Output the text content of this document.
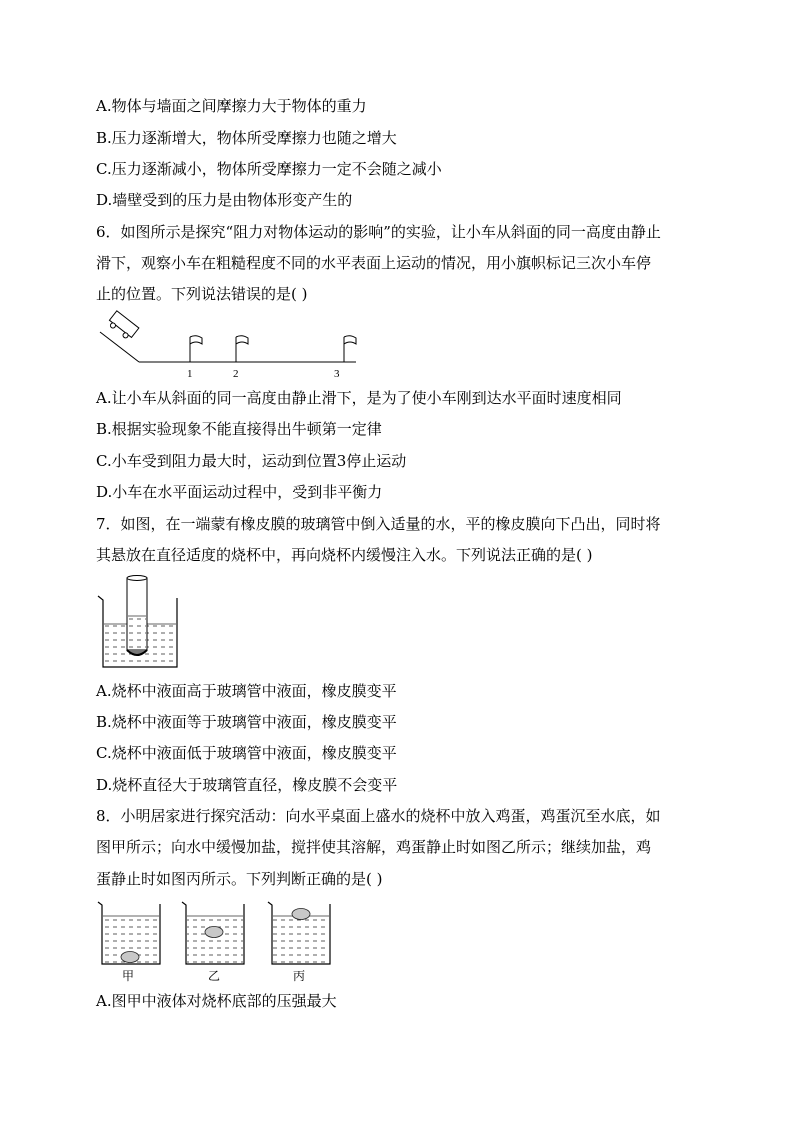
A.物体与墙面之间摩擦力大于物体的重力
B.压力逐渐增大，物体所受摩擦力也随之增大
C.压力逐渐减小，物体所受摩擦力一定不会随之减小
D.墙壁受到的压力是由物体形变产生的
6．如图所示是探究“阻力对物体运动的影响”的实验，让小车从斜面的同一高度由静止
滑下，观察小车在粗糙程度不同的水平表面上运动的情况，用小旗帜标记三次小车停
止的位置。下列说法错误的是( )
1	2	3
A.让小车从斜面的同一高度由静止滑下，是为了使小车刚到达水平面时速度相同
B.根据实验现象不能直接得出牛顿第一定律
C.小车受到阻力最大时，运动到位置3停止运动
D.小车在水平面运动过程中，受到非平衡力
7．如图，在一端蒙有橡皮膜的玻璃管中倒入适量的水，平的橡皮膜向下凸出，同时将
其悬放在直径适度的烧杯中，再向烧杯内缓慢注入水。下列说法正确的是( )
A.烧杯中液面高于玻璃管中液面，橡皮膜变平
B.烧杯中液面等于玻璃管中液面，橡皮膜变平
C.烧杯中液面低于玻璃管中液面，橡皮膜变平
D.烧杯直径大于玻璃管直径，橡皮膜不会变平
8．小明居家进行探究活动：向水平桌面上盛水的烧杯中放入鸡蛋，鸡蛋沉至水底，如
图甲所示；向水中缓慢加盐，搅拌使其溶解，鸡蛋静止时如图乙所示；继续加盐，鸡
蛋静止时如图丙所示。下列判断正确的是( )
甲	乙	丙
A.图甲中液体对烧杯底部的压强最大
